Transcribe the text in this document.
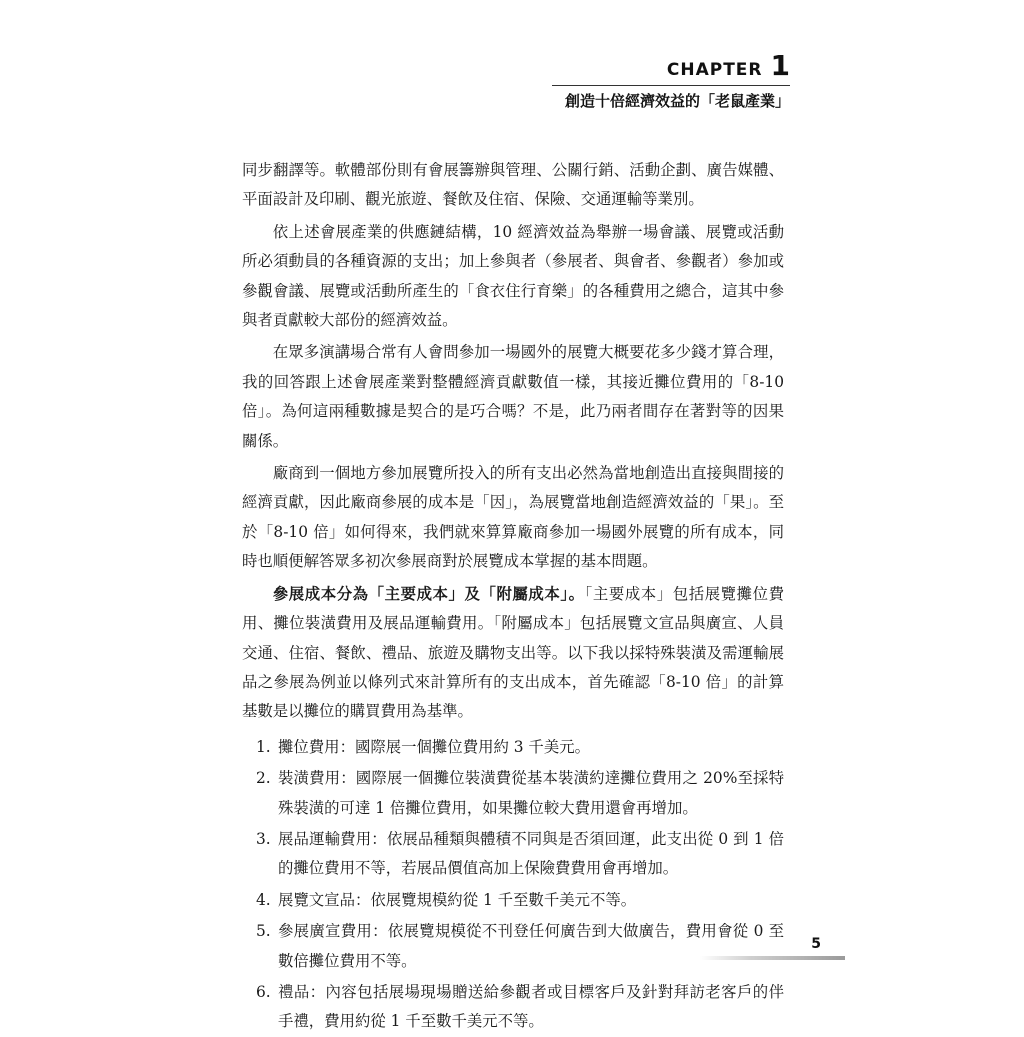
CHAPTER 1
創造十倍經濟效益的「老鼠產業」

同步翻譯等。軟體部份則有會展籌辦與管理、公關行銷、活動企劃、廣告媒體、平面設計及印刷、觀光旅遊、餐飲及住宿、保險、交通運輸等業別。

依上述會展產業的供應鏈結構，10 經濟效益為舉辦一場會議、展覽或活動所必須動員的各種資源的支出；加上參與者（參展者、與會者、參觀者）參加或參觀會議、展覽或活動所產生的「食衣住行育樂」的各種費用之總合，這其中參與者貢獻較大部份的經濟效益。

在眾多演講場合常有人會問參加一場國外的展覽大概要花多少錢才算合理，我的回答跟上述會展產業對整體經濟貢獻數值一樣，其接近攤位費用的「8-10倍」。為何這兩種數據是契合的是巧合嗎？不是，此乃兩者間存在著對等的因果關係。

廠商到一個地方參加展覽所投入的所有支出必然為當地創造出直接與間接的經濟貢獻，因此廠商參展的成本是「因」，為展覽當地創造經濟效益的「果」。至於「8-10 倍」如何得來，我們就來算算廠商參加一場國外展覽的所有成本，同時也順便解答眾多初次參展商對於展覽成本掌握的基本問題。

參展成本分為「主要成本」及「附屬成本」。「主要成本」包括展覽攤位費用、攤位裝潢費用及展品運輸費用。「附屬成本」包括展覽文宣品與廣宣、人員交通、住宿、餐飲、禮品、旅遊及購物支出等。以下我以採特殊裝潢及需運輸展品之參展為例並以條列式來計算所有的支出成本，首先確認「8-10 倍」的計算基數是以攤位的購買費用為基準。

1. 攤位費用：國際展一個攤位費用約 3 千美元。
2. 裝潢費用：國際展一個攤位裝潢費從基本裝潢約達攤位費用之 20%至採特殊裝潢的可達 1 倍攤位費用，如果攤位較大費用還會再增加。
3. 展品運輸費用：依展品種類與體積不同與是否須回運，此支出從 0 到 1 倍的攤位費用不等，若展品價值高加上保險費費用會再增加。
4. 展覽文宣品：依展覽規模約從 1 千至數千美元不等。
5. 參展廣宣費用：依展覽規模從不刊登任何廣告到大做廣告，費用會從 0 至數倍攤位費用不等。
6. 禮品：內容包括展場現場贈送給參觀者或目標客戶及針對拜訪老客戶的伴手禮，費用約從 1 千至數千美元不等。
5
